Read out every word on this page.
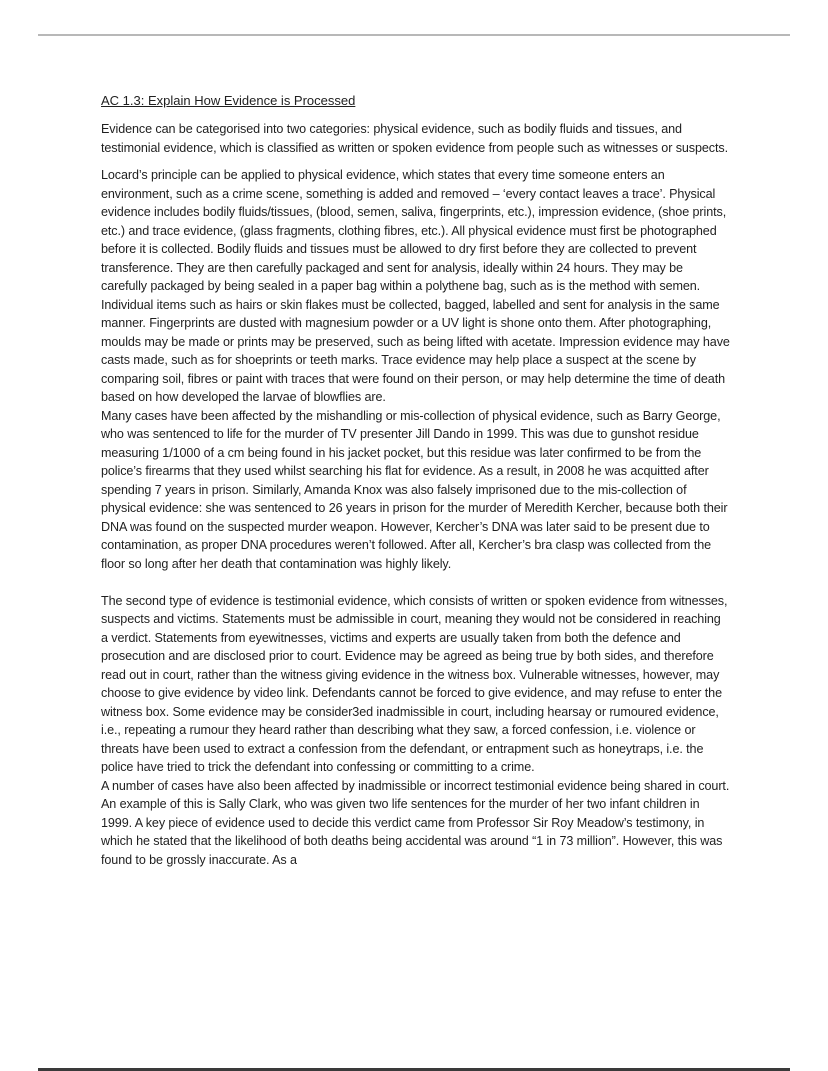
AC 1.3: Explain How Evidence is Processed

Evidence can be categorised into two categories: physical evidence, such as bodily fluids and tissues, and testimonial evidence, which is classified as written or spoken evidence from people such as witnesses or suspects.

Locard’s principle can be applied to physical evidence, which states that every time someone enters an environment, such as a crime scene, something is added and removed – ‘every contact leaves a trace’. Physical evidence includes bodily fluids/tissues, (blood, semen, saliva, fingerprints, etc.), impression evidence, (shoe prints, etc.) and trace evidence, (glass fragments, clothing fibres, etc.). All physical evidence must first be photographed before it is collected. Bodily fluids and tissues must be allowed to dry first before they are collected to prevent transference. They are then carefully packaged and sent for analysis, ideally within 24 hours. They may be carefully packaged by being sealed in a paper bag within a polythene bag, such as is the method with semen. Individual items such as hairs or skin flakes must be collected, bagged, labelled and sent for analysis in the same manner. Fingerprints are dusted with magnesium powder or a UV light is shone onto them. After photographing, moulds may be made or prints may be preserved, such as being lifted with acetate. Impression evidence may have casts made, such as for shoeprints or teeth marks. Trace evidence may help place a suspect at the scene by comparing soil, fibres or paint with traces that were found on their person, or may help determine the time of death based on how developed the larvae of blowflies are.

Many cases have been affected by the mishandling or mis-collection of physical evidence, such as Barry George, who was sentenced to life for the murder of TV presenter Jill Dando in 1999. This was due to gunshot residue measuring 1/1000 of a cm being found in his jacket pocket, but this residue was later confirmed to be from the police’s firearms that they used whilst searching his flat for evidence. As a result, in 2008 he was acquitted after spending 7 years in prison. Similarly, Amanda Knox was also falsely imprisoned due to the mis-collection of physical evidence: she was sentenced to 26 years in prison for the murder of Meredith Kercher, because both their DNA was found on the suspected murder weapon. However, Kercher’s DNA was later said to be present due to contamination, as proper DNA procedures weren’t followed. After all, Kercher’s bra clasp was collected from the floor so long after her death that contamination was highly likely.

The second type of evidence is testimonial evidence, which consists of written or spoken evidence from witnesses, suspects and victims. Statements must be admissible in court, meaning they would not be considered in reaching a verdict. Statements from eyewitnesses, victims and experts are usually taken from both the defence and prosecution and are disclosed prior to court. Evidence may be agreed as being true by both sides, and therefore read out in court, rather than the witness giving evidence in the witness box. Vulnerable witnesses, however, may choose to give evidence by video link. Defendants cannot be forced to give evidence, and may refuse to enter the witness box. Some evidence may be consider3ed inadmissible in court, including hearsay or rumoured evidence, i.e., repeating a rumour they heard rather than describing what they saw, a forced confession, i.e. violence or threats have been used to extract a confession from the defendant, or entrapment such as honeytraps, i.e. the police have tried to trick the defendant into confessing or committing to a crime.

A number of cases have also been affected by inadmissible or incorrect testimonial evidence being shared in court. An example of this is Sally Clark, who was given two life sentences for the murder of her two infant children in 1999. A key piece of evidence used to decide this verdict came from Professor Sir Roy Meadow’s testimony, in which he stated that the likelihood of both deaths being accidental was around “1 in 73 million”. However, this was found to be grossly inaccurate. As a
